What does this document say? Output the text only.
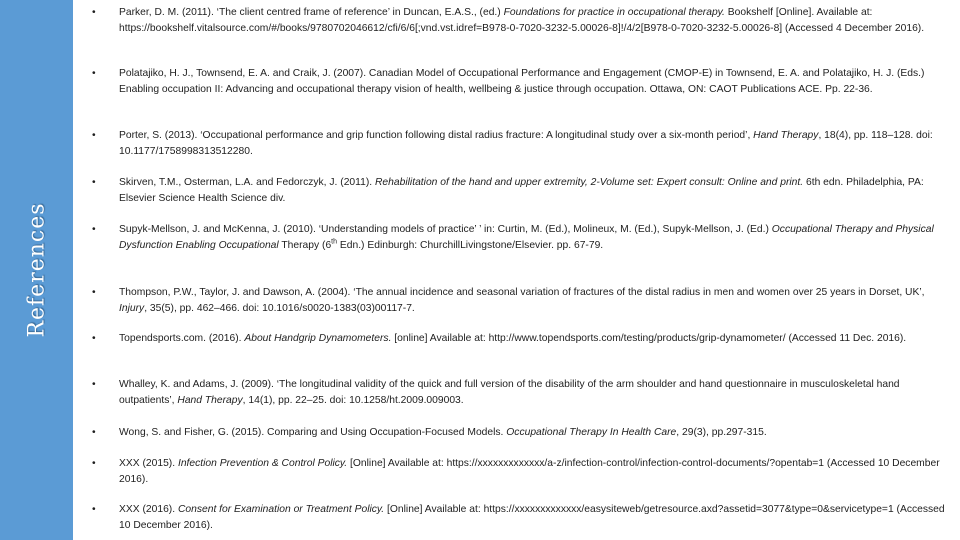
References
•	Parker, D. M. (2011). ‘The client centred frame of reference’ in Duncan, E.A.S., (ed.) Foundations for practice in occupational therapy. Bookshelf [Online]. Available at: https://bookshelf.vitalsource.com/#/books/9780702046612/cfi/6/6[;vnd.vst.idref=B978-0-7020-3232-5.00026-8]!/4/2[B978-0-7020-3232-5.00026-8] (Accessed 4 December 2016).
•	Polatajiko, H. J., Townsend, E. A. and Craik, J. (2007). Canadian Model of Occupational Performance and Engagement (CMOP-E) in Townsend, E. A. and Polatajiko, H. J. (Eds.) Enabling occupation II: Advancing and occupational therapy vision of health, wellbeing & justice through occupation. Ottawa, ON: CAOT Publications ACE. Pp. 22-36.
•	Porter, S. (2013). ‘Occupational performance and grip function following distal radius fracture: A longitudinal study over a six-month period’, Hand Therapy, 18(4), pp. 118–128. doi: 10.1177/1758998313512280.
•	Skirven, T.M., Osterman, L.A. and Fedorczyk, J. (2011). Rehabilitation of the hand and upper extremity, 2-Volume set: Expert consult: Online and print. 6th edn. Philadelphia, PA: Elsevier Science Health Science div.
•	Supyk-Mellson, J. and McKenna, J. (2010). ‘Understanding models of practice’ ’ in: Curtin, M. (Ed.), Molineux, M. (Ed.), Supyk-Mellson, J. (Ed.) Occupational Therapy and Physical Dysfunction Enabling Occupational Therapy (6th Edn.) Edinburgh: ChurchillLivingstone/Elsevier. pp. 67-79.
•	Thompson, P.W., Taylor, J. and Dawson, A. (2004). ‘The annual incidence and seasonal variation of fractures of the distal radius in men and women over 25 years in Dorset, UK’, Injury, 35(5), pp. 462–466. doi: 10.1016/s0020-1383(03)00117-7.
•	Topendsports.com. (2016). About Handgrip Dynamometers. [online] Available at: http://www.topendsports.com/testing/products/grip-dynamometer/ (Accessed 11 Dec. 2016).
•	Whalley, K. and Adams, J. (2009). ‘The longitudinal validity of the quick and full version of the disability of the arm shoulder and hand questionnaire in musculoskeletal hand outpatients’, Hand Therapy, 14(1), pp. 22–25. doi: 10.1258/ht.2009.009003.
•	Wong, S. and Fisher, G. (2015). Comparing and Using Occupation-Focused Models. Occupational Therapy In Health Care, 29(3), pp.297-315.
•	XXX (2015). Infection Prevention & Control Policy. [Online] Available at: https://xxxxxxxxxxxxx/a-z/infection-control/infection-control-documents/?opentab=1 (Accessed 10 December 2016).
•	XXX (2016). Consent for Examination or Treatment Policy. [Online] Available at: https://xxxxxxxxxxxxx/easysiteweb/getresource.axd?assetid=3077&type=0&servicetype=1 (Accessed 10 December 2016).
